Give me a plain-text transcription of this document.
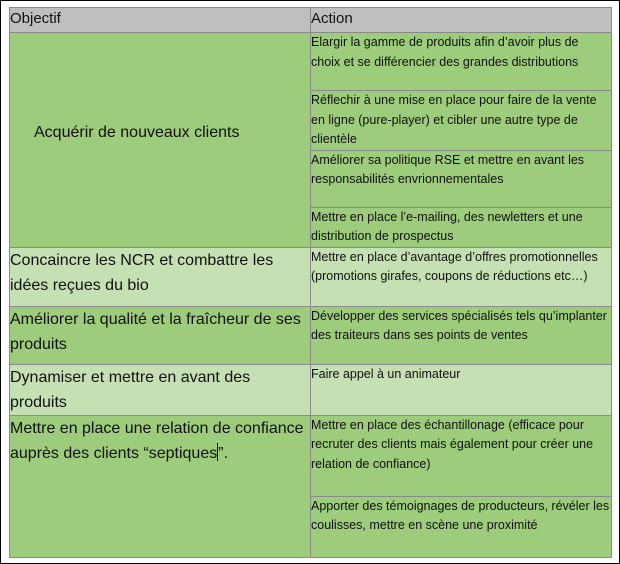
Objectif	Action

Acquérir de nouveaux clients	Elargir la gamme de produits afin d’avoir plus de choix et se différencier des grandes distributions
	Réflechir à une mise en place pour faire de la vente en ligne (pure-player) et cibler une autre type de clientèle
	Améliorer sa politique RSE et mettre en avant les responsabilités envrionnementales
	Mettre en place l’e-mailing, des newletters et une distribution de prospectus
Concaincre les NCR et combattre les idées reçues du bio	Mettre en place d’avantage d’offres promotionnelles (promotions girafes, coupons de réductions etc…)
Améliorer la qualité et la fraîcheur de ses produits	Développer des services spécialisés tels qu’implanter des traiteurs dans ses points de ventes
Dynamiser et mettre en avant des produits	Faire appel à un animateur
Mettre en place une relation de confiance auprès des clients “septiques”.	Mettre en place des échantillonage (efficace pour recruter des clients mais également pour créer une relation de confiance)
	Apporter des témoignages de producteurs, révéler les coulisses, mettre en scène une proximité
